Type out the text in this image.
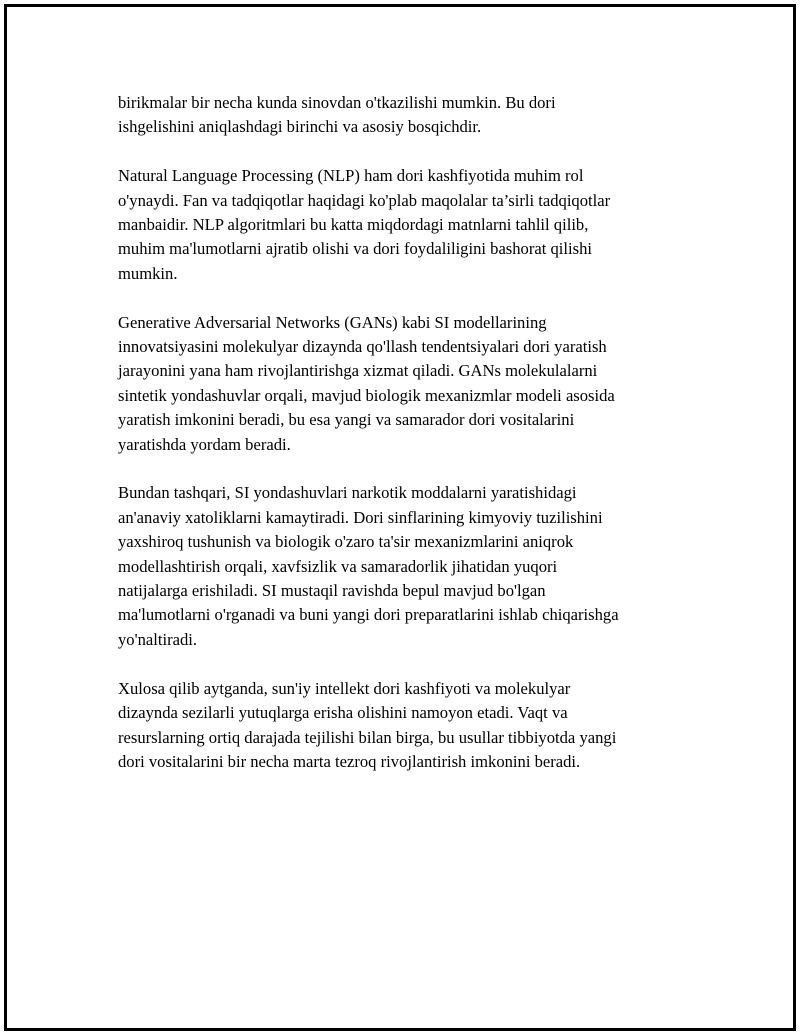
birikmalar bir necha kunda sinovdan o'tkazilishi mumkin. Bu dori
ishgelishini aniqlashdagi birinchi va asosiy bosqichdir.

Natural Language Processing (NLP) ham dori kashfiyotida muhim rol
o'ynaydi. Fan va tadqiqotlar haqidagi ko'plab maqolalar ta’sirli tadqiqotlar
manbaidir. NLP algoritmlari bu katta miqdordagi matnlarni tahlil qilib,
muhim ma'lumotlarni ajratib olishi va dori foydaliligini bashorat qilishi
mumkin.

Generative Adversarial Networks (GANs) kabi SI modellarining
innovatsiyasini molekulyar dizaynda qo'llash tendentsiyalari dori yaratish
jarayonini yana ham rivojlantirishga xizmat qiladi. GANs molekulalarni
sintetik yondashuvlar orqali, mavjud biologik mexanizmlar modeli asosida
yaratish imkonini beradi, bu esa yangi va samarador dori vositalarini
yaratishda yordam beradi.

Bundan tashqari, SI yondashuvlari narkotik moddalarni yaratishidagi
an'anaviy xatoliklarni kamaytiradi. Dori sinflarining kimyoviy tuzilishini
yaxshiroq tushunish va biologik o'zaro ta'sir mexanizmlarini aniqrok
modellashtirish orqali, xavfsizlik va samaradorlik jihatidan yuqori
natijalarga erishiladi. SI mustaqil ravishda bepul mavjud bo'lgan
ma'lumotlarni o'rganadi va buni yangi dori preparatlarini ishlab chiqarishga
yo'naltiradi.

Xulosa qilib aytganda, sun'iy intellekt dori kashfiyoti va molekulyar
dizaynda sezilarli yutuqlarga erisha olishini namoyon etadi. Vaqt va
resurslarning ortiq darajada tejilishi bilan birga, bu usullar tibbiyotda yangi
dori vositalarini bir necha marta tezroq rivojlantirish imkonini beradi.
